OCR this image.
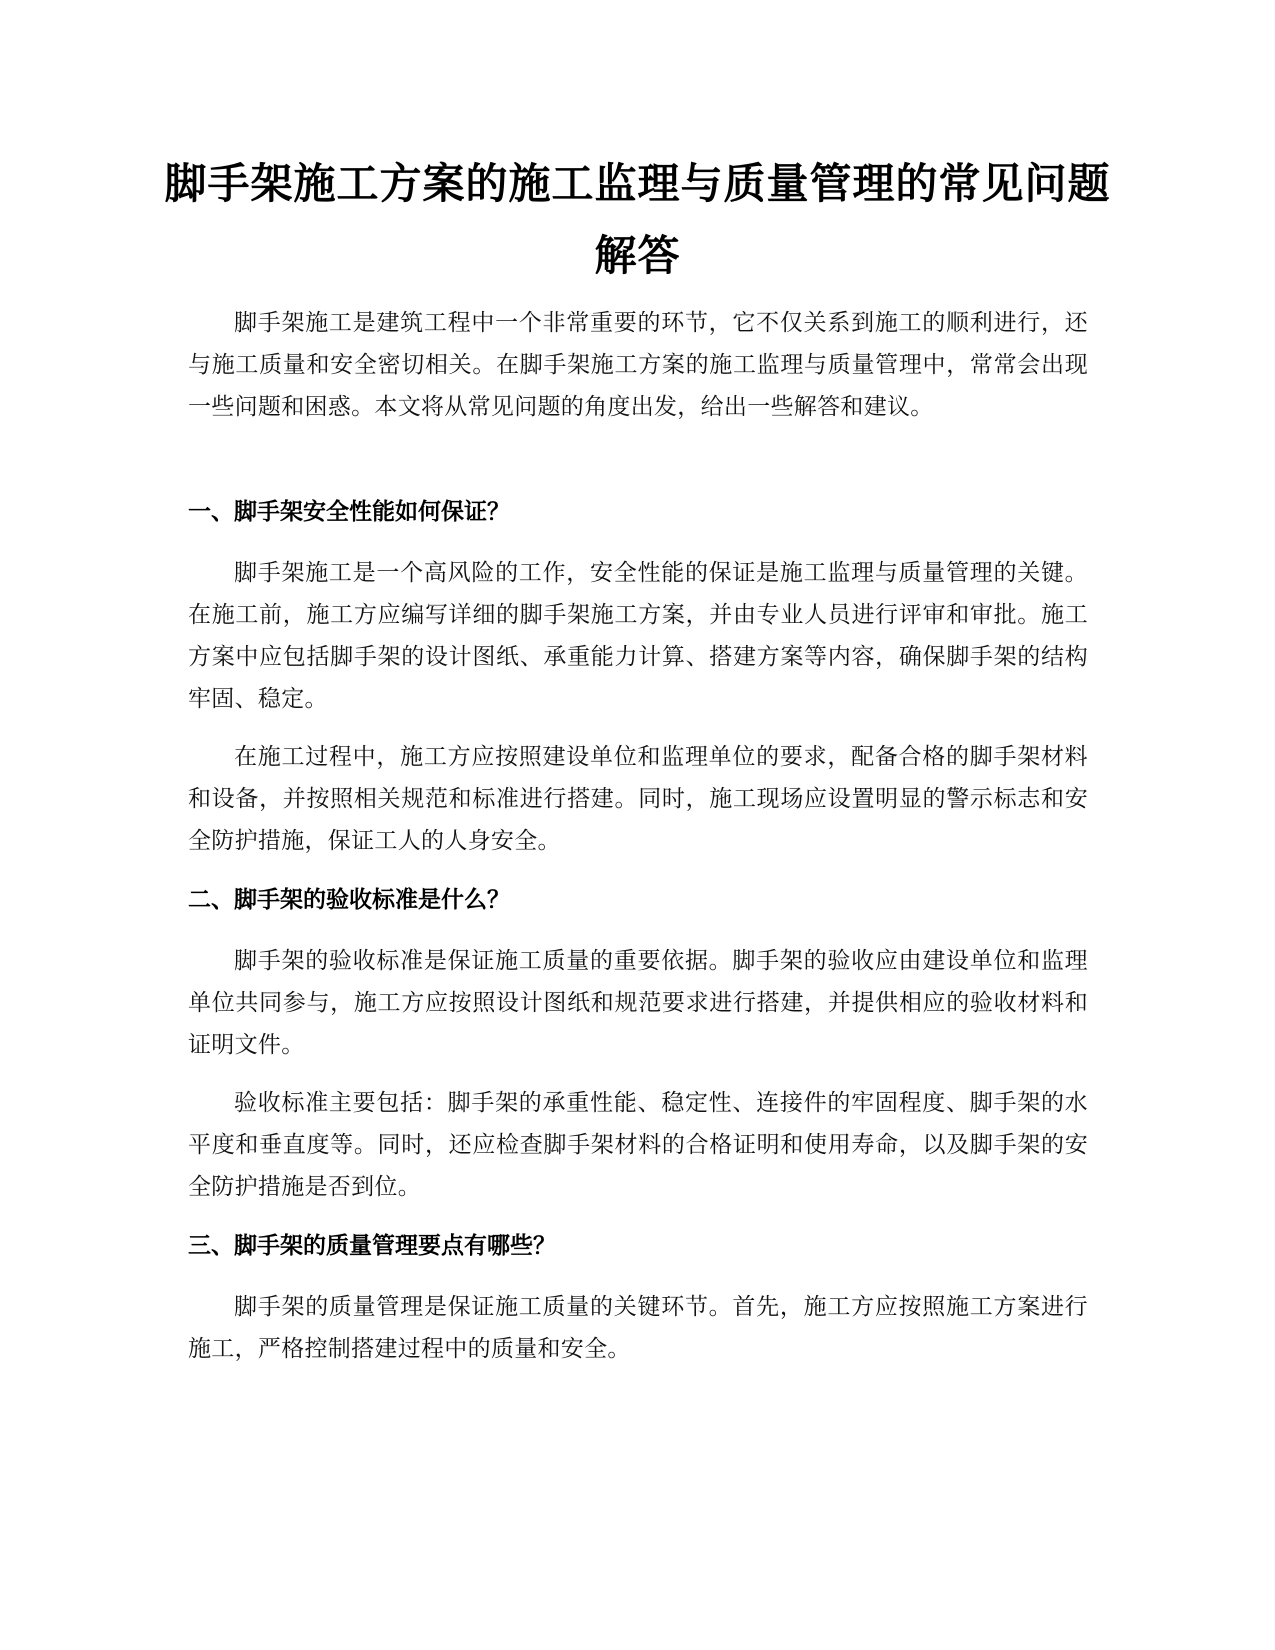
脚手架施工方案的施工监理与质量管理的常见问题解答

脚手架施工是建筑工程中一个非常重要的环节，它不仅关系到施工的顺利进行，还与施工质量和安全密切相关。在脚手架施工方案的施工监理与质量管理中，常常会出现一些问题和困惑。本文将从常见问题的角度出发，给出一些解答和建议。

一、脚手架安全性能如何保证？

脚手架施工是一个高风险的工作，安全性能的保证是施工监理与质量管理的关键。在施工前，施工方应编写详细的脚手架施工方案，并由专业人员进行评审和审批。施工方案中应包括脚手架的设计图纸、承重能力计算、搭建方案等内容，确保脚手架的结构牢固、稳定。

在施工过程中，施工方应按照建设单位和监理单位的要求，配备合格的脚手架材料和设备，并按照相关规范和标准进行搭建。同时，施工现场应设置明显的警示标志和安全防护措施，保证工人的人身安全。

二、脚手架的验收标准是什么？

脚手架的验收标准是保证施工质量的重要依据。脚手架的验收应由建设单位和监理单位共同参与，施工方应按照设计图纸和规范要求进行搭建，并提供相应的验收材料和证明文件。

验收标准主要包括：脚手架的承重性能、稳定性、连接件的牢固程度、脚手架的水平度和垂直度等。同时，还应检查脚手架材料的合格证明和使用寿命，以及脚手架的安全防护措施是否到位。

三、脚手架的质量管理要点有哪些？

脚手架的质量管理是保证施工质量的关键环节。首先，施工方应按照施工方案进行施工，严格控制搭建过程中的质量和安全。
